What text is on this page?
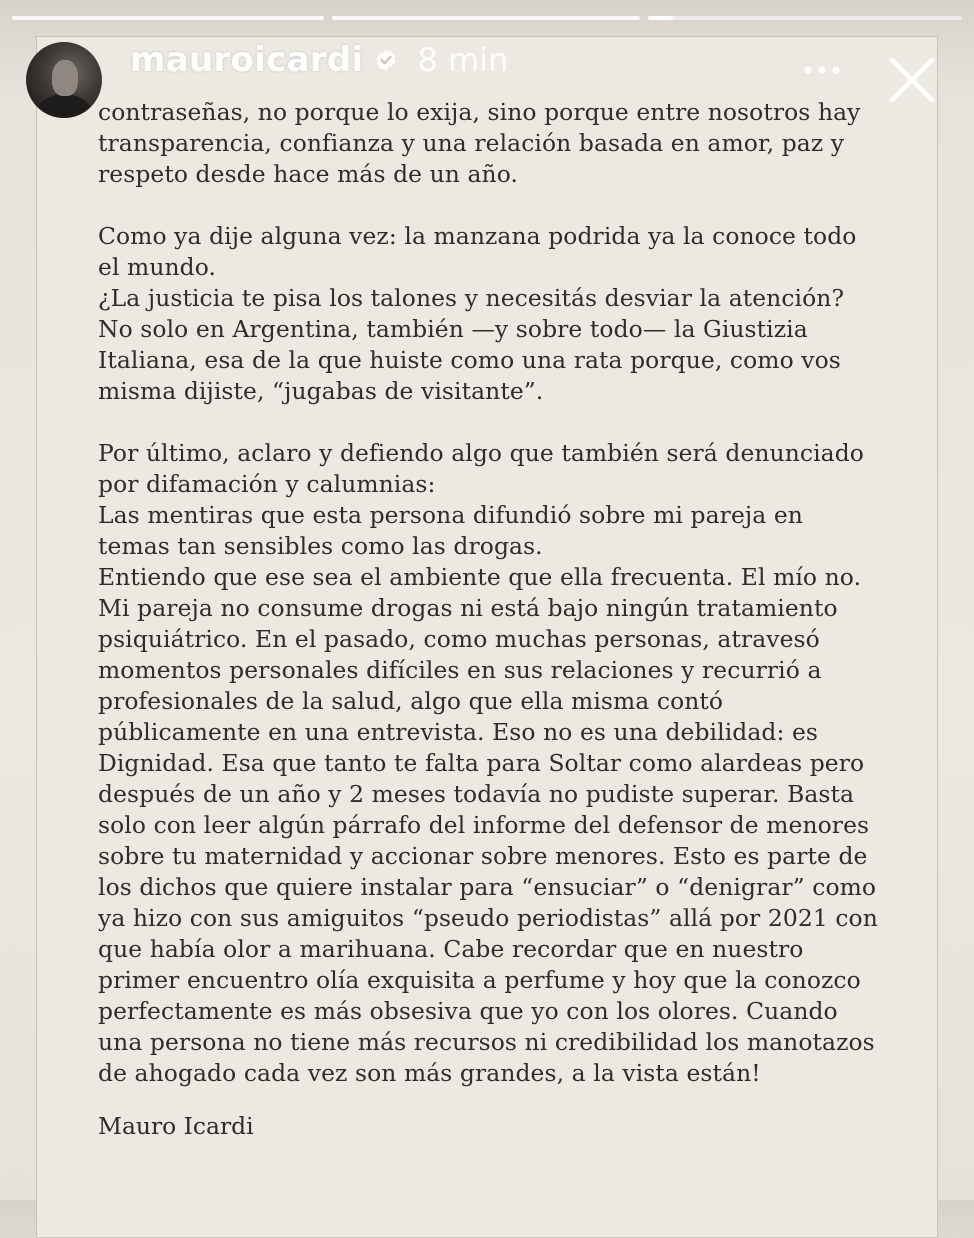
mauroicardi 8 min

contraseñas, no porque lo exija, sino porque entre nosotros hay

transparencia, confianza y una relación basada en amor, paz y

respeto desde hace más de un año.

Como ya dije alguna vez: la manzana podrida ya la conoce todo

el mundo.

¿La justicia te pisa los talones y necesitás desviar la atención?

No solo en Argentina, también —y sobre todo— la Giustizia

Italiana, esa de la que huiste como una rata porque, como vos

misma dijiste, “jugabas de visitante”.

Por último, aclaro y defiendo algo que también será denunciado

por difamación y calumnias:

Las mentiras que esta persona difundió sobre mi pareja en

temas tan sensibles como las drogas.

Entiendo que ese sea el ambiente que ella frecuenta. El mío no.

Mi pareja no consume drogas ni está bajo ningún tratamiento

psiquiátrico. En el pasado, como muchas personas, atravesó

momentos personales difíciles en sus relaciones y recurrió a

profesionales de la salud, algo que ella misma contó

públicamente en una entrevista. Eso no es una debilidad: es

Dignidad. Esa que tanto te falta para Soltar como alardeas pero

después de un año y 2 meses todavía no pudiste superar. Basta

solo con leer algún párrafo del informe del defensor de menores

sobre tu maternidad y accionar sobre menores. Esto es parte de

los dichos que quiere instalar para “ensuciar” o “denigrar” como

ya hizo con sus amiguitos “pseudo periodistas” allá por 2021 con

que había olor a marihuana. Cabe recordar que en nuestro

primer encuentro olía exquisita a perfume y hoy que la conozco

perfectamente es más obsesiva que yo con los olores. Cuando

una persona no tiene más recursos ni credibilidad los manotazos

de ahogado cada vez son más grandes, a la vista están!

Mauro Icardi
